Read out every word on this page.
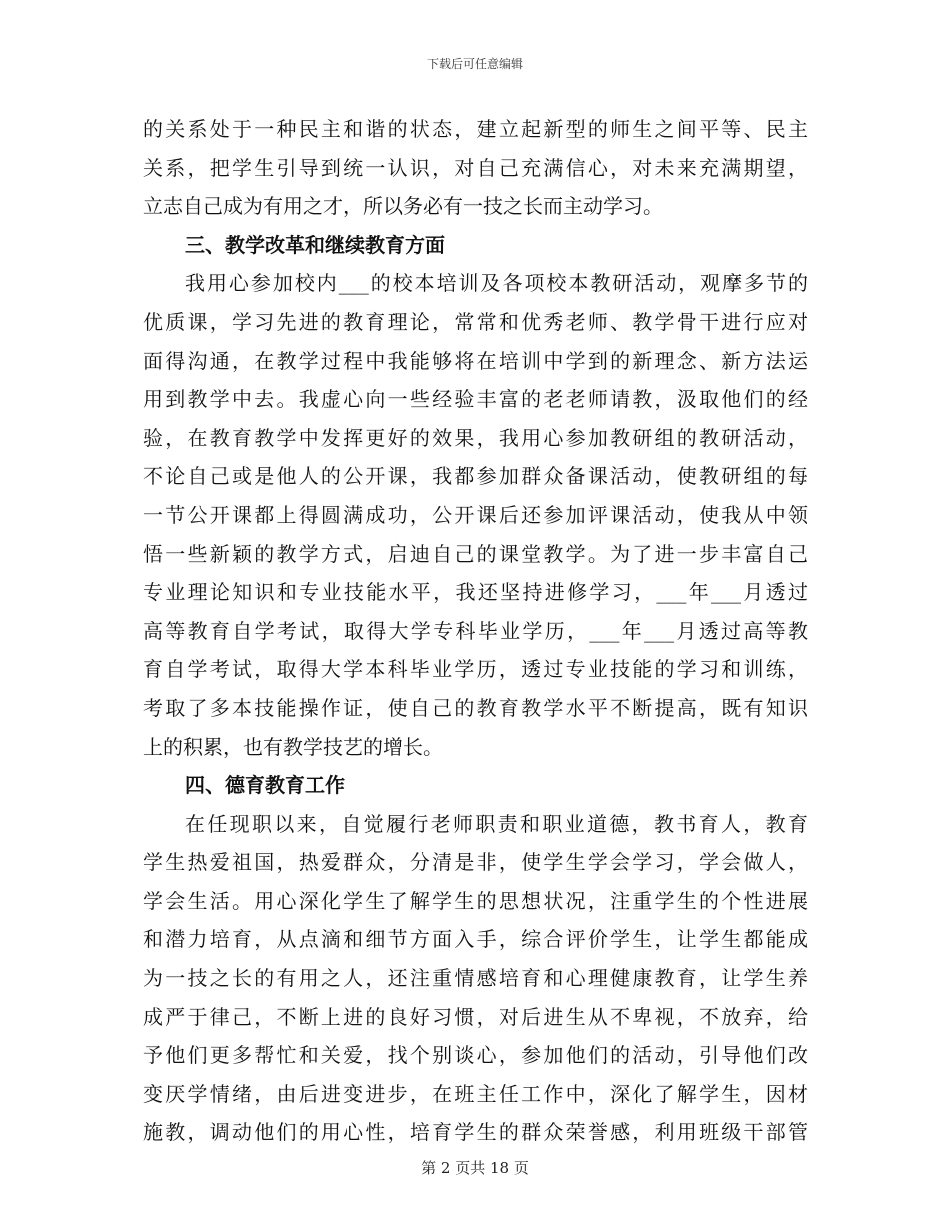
下载后可任意编辑
的关系处于一种民主和谐的状态，建立起新型的师生之间平等、民主
关系，把学生引导到统一认识，对自己充满信心，对未来充满期望，
立志自己成为有用之才，所以务必有一技之长而主动学习。
三、教学改革和继续教育方面
我用心参加校内___的校本培训及各项校本教研活动，观摩多节的
优质课，学习先进的教育理论，常常和优秀老师、教学骨干进行应对
面得沟通，在教学过程中我能够将在培训中学到的新理念、新方法运
用到教学中去。我虚心向一些经验丰富的老老师请教，汲取他们的经
验，在教育教学中发挥更好的效果，我用心参加教研组的教研活动，
不论自己或是他人的公开课，我都参加群众备课活动，使教研组的每
一节公开课都上得圆满成功，公开课后还参加评课活动，使我从中领
悟一些新颖的教学方式，启迪自己的课堂教学。为了进一步丰富自己
专业理论知识和专业技能水平，我还坚持进修学习，___年___月透过
高等教育自学考试，取得大学专科毕业学历，___年___月透过高等教
育自学考试，取得大学本科毕业学历，透过专业技能的学习和训练，
考取了多本技能操作证，使自己的教育教学水平不断提高，既有知识
上的积累，也有教学技艺的增长。
四、德育教育工作
在任现职以来，自觉履行老师职责和职业道德，教书育人，教育
学生热爱祖国，热爱群众，分清是非，使学生学会学习，学会做人，
学会生活。用心深化学生了解学生的思想状况，注重学生的个性进展
和潜力培育，从点滴和细节方面入手，综合评价学生，让学生都能成
为一技之长的有用之人，还注重情感培育和心理健康教育，让学生养
成严于律己，不断上进的良好习惯，对后进生从不卑视，不放弃，给
予他们更多帮忙和关爱，找个别谈心，参加他们的活动，引导他们改
变厌学情绪，由后进变进步，在班主任工作中，深化了解学生，因材
施教，调动他们的用心性，培育学生的群众荣誉感，利用班级干部管
第 2 页共 18 页
